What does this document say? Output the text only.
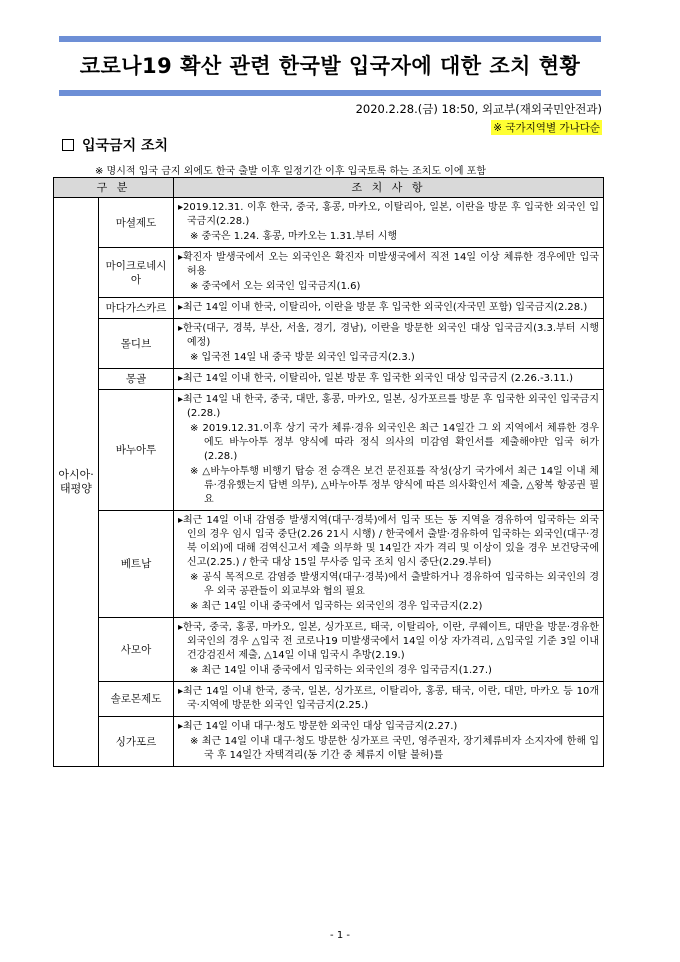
코로나19 확산 관련 한국발 입국자에 대한 조치 현황
2020.2.28.(금) 18:50, 외교부(재외국민안전과)
※ 국가지역별 가나다순
입국금지 조치
※ 명시적 입국 금지 외에도 한국 출발 이후 일정기간 이후 입국토록 하는 조치도 이에 포함
구 분		조 치 사 항
아시아·태평양	마셜제도	▸2019.12.31. 이후 한국, 중국, 홍콩, 마카오, 이탈리아, 일본, 이란을 방문 후 입국한 외국인 입국금지(2.28.)
※ 중국은 1.24. 홍콩, 마카오는 1.31.부터 시행

	마이크로네시아	▸확진자 발생국에서 오는 외국인은 확진자 미발생국에서 직전 14일 이상 체류한 경우에만 입국 허용
※ 중국에서 오는 외국인 입국금지(1.6)

	마다가스카르	▸최근 14일 이내 한국, 이탈리아, 이란을 방문 후 입국한 외국인(자국민 포함) 입국금지(2.28.)

	몰디브	▸한국(대구, 경북, 부산, 서울, 경기, 경남), 이란을 방문한 외국인 대상 입국금지(3.3.부터 시행 예정)
※ 입국전 14일 내 중국 방문 외국인 입국금지(2.3.)

	몽골	▸최근 14일 이내 한국, 이탈리아, 일본 방문 후 입국한 외국인 대상 입국금지 (2.26.-3.11.)

	바누아투	▸최근 14일 내 한국, 중국, 대만, 홍콩, 마카오, 일본, 싱가포르를 방문 후 입국한 외국인 입국금지(2.28.)
※ 2019.12.31.이후 상기 국가 체류·경유 외국인은 최근 14일간 그 외 지역에서 체류한 경우에도 바누아투 정부 양식에 따라 정식 의사의 미감염 확인서를 제출해야만 입국 허가(2.28.)
※ △바누아투행 비행기 탑승 전 승객은 보건 문진표를 작성(상기 국가에서 최근 14일 이내 체류·경유했는지 답변 의무), △바누아투 정부 양식에 따른 의사확인서 제출, △왕복 항공권 필요

	베트남	▸최근 14일 이내 감염증 발생지역(대구·경북)에서 입국 또는 동 지역을 경유하여 입국하는 외국인의 경우 임시 입국 중단(2.26 21시 시행) / 한국에서 출발·경유하여 입국하는 외국인(대구·경북 이외)에 대해 검역신고서 제출 의무화 및 14일간 자가 격리 및 이상이 있을 경우 보건당국에 신고(2.25.) / 한국 대상 15일 무사증 입국 조치 임시 중단(2.29.부터)
※ 공식 목적으로 감염증 발생지역(대구·경북)에서 출발하거나 경유하여 입국하는 외국인의 경우 외국 공관들이 외교부와 협의 필요
※ 최근 14일 이내 중국에서 입국하는 외국인의 경우 입국금지(2.2)

	사모아	▸한국, 중국, 홍콩, 마카오, 일본, 싱가포르, 태국, 이탈리아, 이란, 쿠웨이트, 대만을 방문·경유한 외국인의 경우 △입국 전 코로나19 미발생국에서 14일 이상 자가격리, △입국일 기준 3일 이내 건강검진서 제출, △14일 이내 입국시 추방(2.19.)
※ 최근 14일 이내 중국에서 입국하는 외국인의 경우 입국금지(1.27.)

	솔로몬제도	▸최근 14일 이내 한국, 중국, 일본, 싱가포르, 이탈리아, 홍콩, 태국, 이란, 대만, 마카오 등 10개국·지역에 방문한 외국인 입국금지(2.25.)

	싱가포르	▸최근 14일 이내 대구·청도 방문한 외국인 대상 입국금지(2.27.)
※ 최근 14일 이내 대구·청도 방문한 싱가포르 국민, 영주권자, 장기체류비자 소지자에 한해 입국 후 14일간 자택격리(동 기간 중 체류지 이탈 불허)를
- 1 -
